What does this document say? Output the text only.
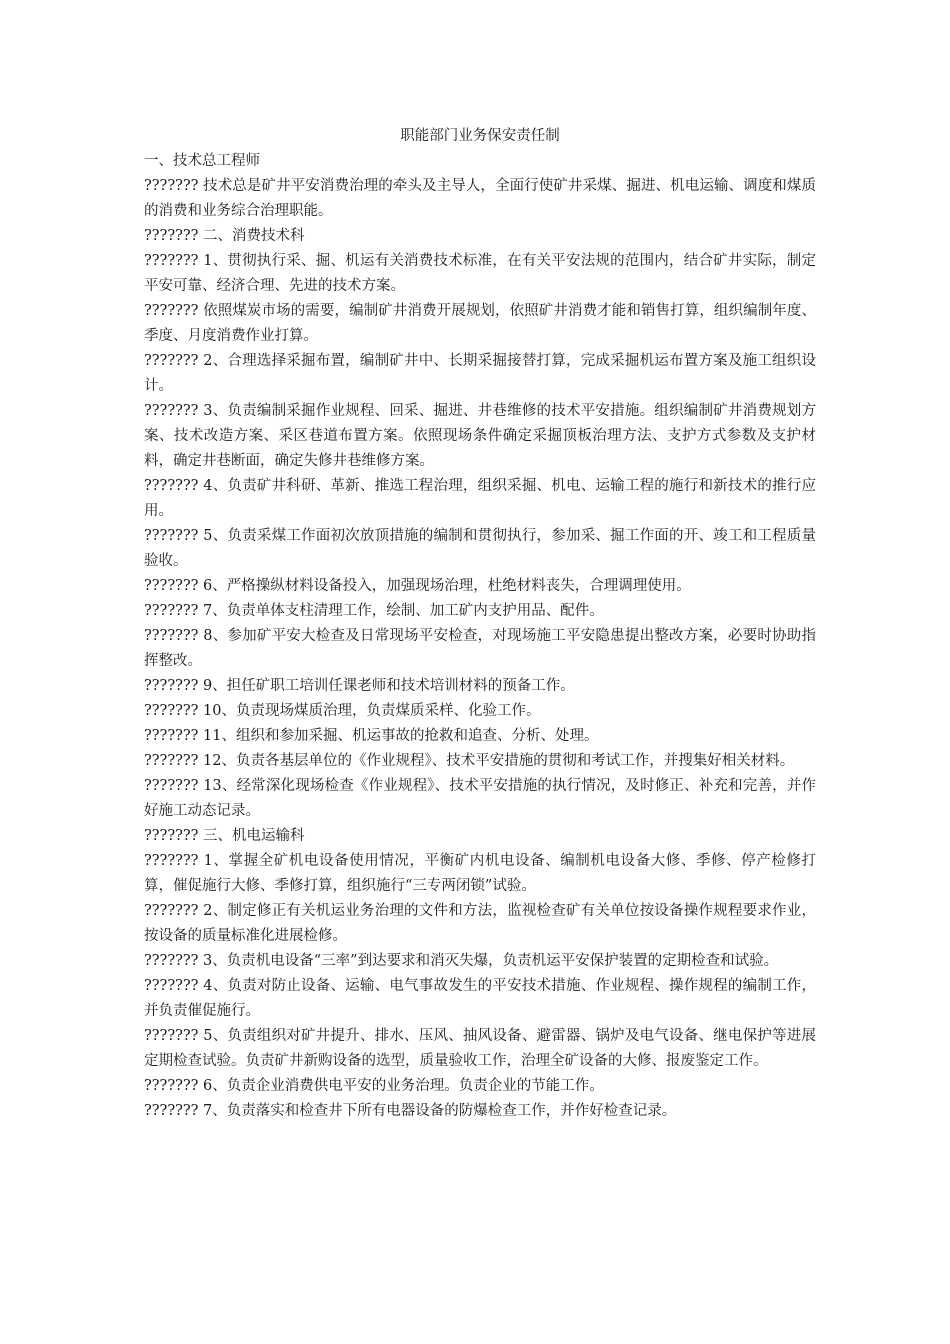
职能部门业务保安责任制

一、技术总工程师

??????? 技术总是矿井平安消费治理的牵头及主导人，全面行使矿井采煤、掘进、机电运输、调度和煤质的消费和业务综合治理职能。

??????? 二、消费技术科

??????? 1、贯彻执行采、掘、机运有关消费技术标准，在有关平安法规的范围内，结合矿井实际，制定平安可靠、经济合理、先进的技术方案。

??????? 依照煤炭市场的需要，编制矿井消费开展规划，依照矿井消费才能和销售打算，组织编制年度、季度、月度消费作业打算。

??????? 2、合理选择采掘布置，编制矿井中、长期采掘接替打算，完成采掘机运布置方案及施工组织设计。

??????? 3、负责编制采掘作业规程、回采、掘进、井巷维修的技术平安措施。组织编制矿井消费规划方案、技术改造方案、采区巷道布置方案。依照现场条件确定采掘顶板治理方法、支护方式参数及支护材料，确定井巷断面，确定失修井巷维修方案。

??????? 4、负责矿井科研、革新、推选工程治理，组织采掘、机电、运输工程的施行和新技术的推行应用。

??????? 5、负责采煤工作面初次放顶措施的编制和贯彻执行，参加采、掘工作面的开、竣工和工程质量验收。

??????? 6、严格操纵材料设备投入，加强现场治理，杜绝材料丧失，合理调理使用。

??????? 7、负责单体支柱清理工作，绘制、加工矿内支护用品、配件。

??????? 8、参加矿平安大检查及日常现场平安检查，对现场施工平安隐患提出整改方案，必要时协助指挥整改。

??????? 9、担任矿职工培训任课老师和技术培训材料的预备工作。

??????? 10、负责现场煤质治理，负责煤质采样、化验工作。

??????? 11、组织和参加采掘、机运事故的抢救和追查、分析、处理。

??????? 12、负责各基层单位的《作业规程》、技术平安措施的贯彻和考试工作，并搜集好相关材料。

??????? 13、经常深化现场检查《作业规程》、技术平安措施的执行情况，及时修正、补充和完善，并作好施工动态记录。

??????? 三、机电运输科

??????? 1、掌握全矿机电设备使用情况，平衡矿内机电设备、编制机电设备大修、季修、停产检修打算，催促施行大修、季修打算，组织施行“三专两闭锁”试验。

??????? 2、制定修正有关机运业务治理的文件和方法，监视检查矿有关单位按设备操作规程要求作业，按设备的质量标准化进展检修。

??????? 3、负责机电设备“三率”到达要求和消灭失爆，负责机运平安保护装置的定期检查和试验。

??????? 4、负责对防止设备、运输、电气事故发生的平安技术措施、作业规程、操作规程的编制工作，并负责催促施行。

??????? 5、负责组织对矿井提升、排水、压风、抽风设备、避雷器、锅炉及电气设备、继电保护等进展定期检查试验。负责矿井新购设备的选型，质量验收工作，治理全矿设备的大修、报废鉴定工作。

??????? 6、负责企业消费供电平安的业务治理。负责企业的节能工作。

??????? 7、负责落实和检查井下所有电器设备的防爆检查工作，并作好检查记录。
